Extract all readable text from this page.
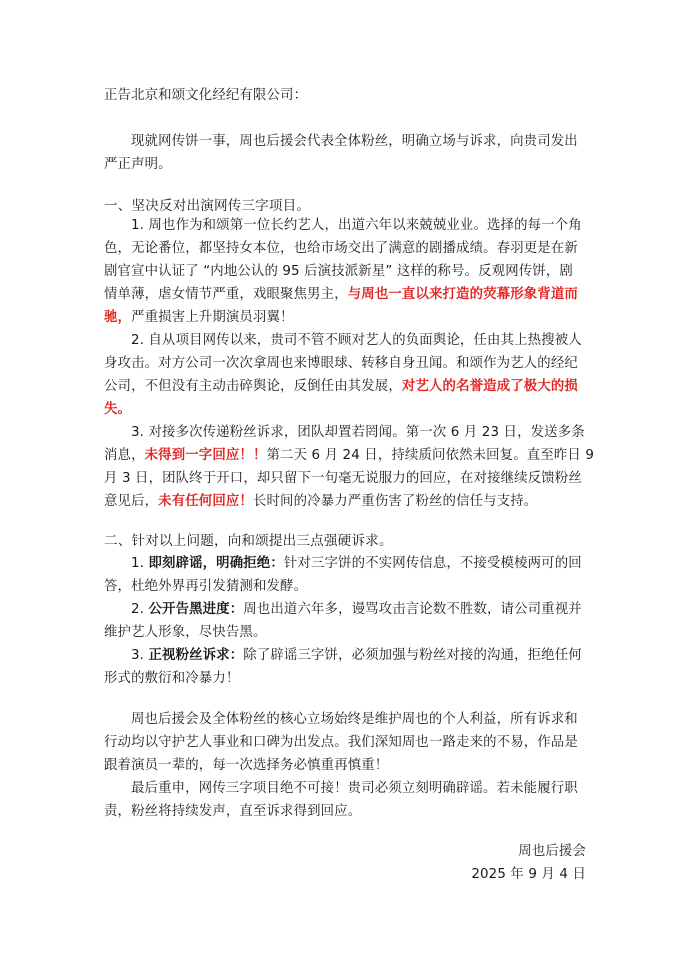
正告北京和颂文化经纪有限公司：
现就网传饼一事，周也后援会代表全体粉丝，明确立场与诉求，向贵司发出
严正声明。
一、坚决反对出演网传三字项目。
1. 周也作为和颂第一位长约艺人，出道六年以来兢兢业业。选择的每一个角
色，无论番位，都坚持女本位，也给市场交出了满意的剧播成绩。春羽更是在新
剧官宣中认证了 “内地公认的 95 后演技派新星” 这样的称号。反观网传饼，剧
情单薄，虐女情节严重，戏眼聚焦男主，与周也一直以来打造的荧幕形象背道而
驰，严重损害上升期演员羽翼！
2. 自从项目网传以来，贵司不管不顾对艺人的负面舆论，任由其上热搜被人
身攻击。对方公司一次次拿周也来博眼球、转移自身丑闻。和颂作为艺人的经纪
公司，不但没有主动击碎舆论，反倒任由其发展，对艺人的名誉造成了极大的损
失。
3. 对接多次传递粉丝诉求，团队却置若罔闻。第一次 6 月 23 日，发送多条
消息，未得到一字回应！！第二天 6 月 24 日，持续质问依然未回复。直至昨日 9
月 3 日，团队终于开口，却只留下一句毫无说服力的回应，在对接继续反馈粉丝
意见后，未有任何回应！长时间的冷暴力严重伤害了粉丝的信任与支持。
二、针对以上问题，向和颂提出三点强硬诉求。
1. 即刻辟谣，明确拒绝：针对三字饼的不实网传信息，不接受模棱两可的回
答，杜绝外界再引发猜测和发酵。
2. 公开告黑进度：周也出道六年多，谩骂攻击言论数不胜数，请公司重视并
维护艺人形象，尽快告黑。
3. 正视粉丝诉求：除了辟谣三字饼，必须加强与粉丝对接的沟通，拒绝任何
形式的敷衍和冷暴力！
周也后援会及全体粉丝的核心立场始终是维护周也的个人利益，所有诉求和
行动均以守护艺人事业和口碑为出发点。我们深知周也一路走来的不易，作品是
跟着演员一辈的，每一次选择务必慎重再慎重！
最后重申，网传三字项目绝不可接！贵司必须立刻明确辟谣。若未能履行职
责，粉丝将持续发声，直至诉求得到回应。
周也后援会
2025 年 9 月 4 日
